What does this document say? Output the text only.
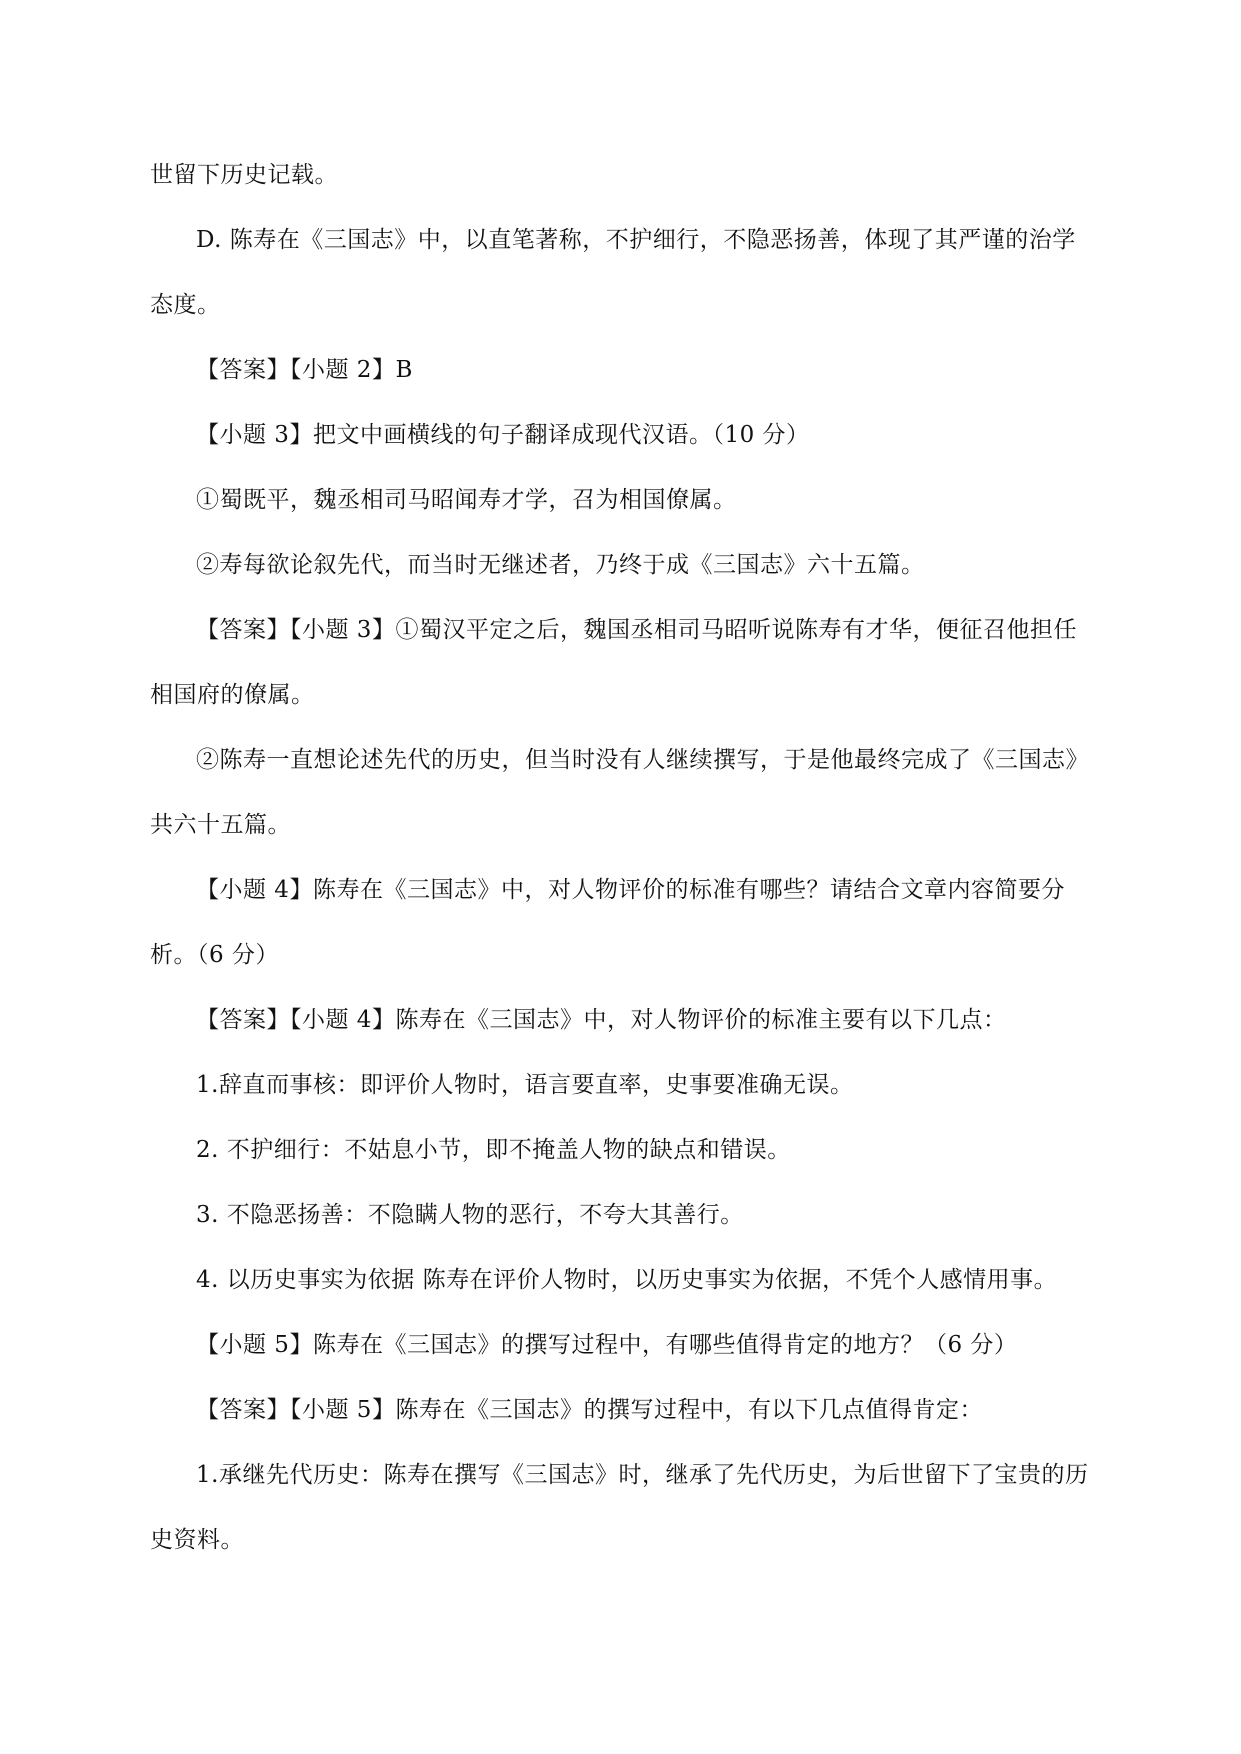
世留下历史记载。

D. 陈寿在《三国志》中，以直笔著称，不护细行，不隐恶扬善，体现了其严谨的治学态度。

【答案】【小题 2】B

【小题 3】把文中画横线的句子翻译成现代汉语。（10 分）

①蜀既平，魏丞相司马昭闻寿才学，召为相国僚属。

②寿每欲论叙先代，而当时无继述者，乃终于成《三国志》六十五篇。

【答案】【小题 3】①蜀汉平定之后，魏国丞相司马昭听说陈寿有才华，便征召他担任相国府的僚属。

②陈寿一直想论述先代的历史，但当时没有人继续撰写，于是他最终完成了《三国志》共六十五篇。

【小题 4】陈寿在《三国志》中，对人物评价的标准有哪些？请结合文章内容简要分析。（6 分）

【答案】【小题 4】陈寿在《三国志》中，对人物评价的标准主要有以下几点：

1.辞直而事核：即评价人物时，语言要直率，史事要准确无误。

2. 不护细行：不姑息小节，即不掩盖人物的缺点和错误。

3. 不隐恶扬善：不隐瞒人物的恶行，不夸大其善行。

4. 以历史事实为依据 陈寿在评价人物时，以历史事实为依据，不凭个人感情用事。

【小题 5】陈寿在《三国志》的撰写过程中，有哪些值得肯定的地方？（6 分）

【答案】【小题 5】陈寿在《三国志》的撰写过程中，有以下几点值得肯定：

1.承继先代历史：陈寿在撰写《三国志》时，继承了先代历史，为后世留下了宝贵的历史资料。
